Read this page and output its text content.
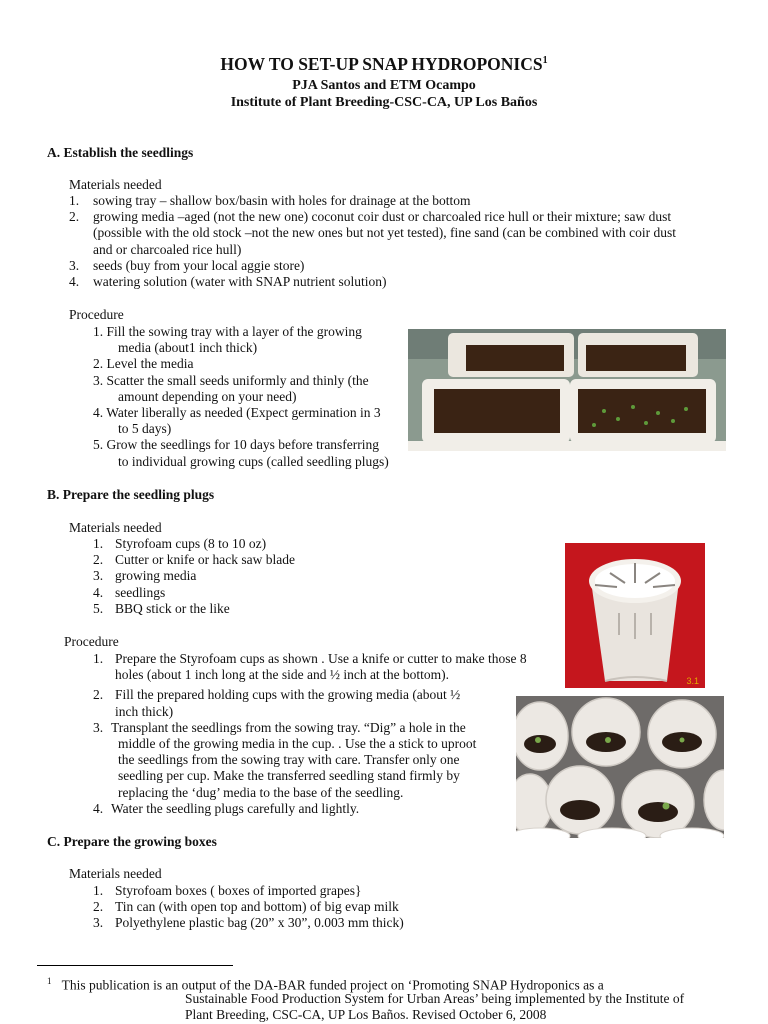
HOW TO SET-UP SNAP HYDROPONICS$^1$
PJA Santos and ETM Ocampo
Institute of Plant Breeding-CSC-CA, UP Los Baños
A. Establish the seedlings
Materials needed
1. sowing tray – shallow box/basin with holes for drainage at the bottom
2. growing media –aged (not the new one) coconut coir dust or charcoaled rice hull or their mixture; saw dust
(possible with the old stock –not the new ones but not yet tested), fine sand (can be combined with coir dust
and or charcoaled rice hull)
3. seeds (buy from your local aggie store)
4. watering solution (water with SNAP nutrient solution)
Procedure
1. Fill the sowing tray with a layer of the growing
media (about1 inch thick)
2. Level the media
3. Scatter the small seeds uniformly and thinly (the
amount depending on your need)
4. Water liberally as needed (Expect germination in 3
to 5 days)
5. Grow the seedlings for 10 days before transferring
to individual growing cups (called seedling plugs)
B. Prepare the seedling plugs
Materials needed
1. Styrofoam cups (8 to 10 oz)
2. Cutter or knife or hack saw blade
3. growing media
4. seedlings
5. BBQ stick or the like
Procedure
1. Prepare the Styrofoam cups as shown . Use a knife or cutter to make those 8
holes (about 1 inch long at the side and ½ inch at the bottom).
2. Fill the prepared holding cups with the growing media (about ½
inch thick)
3. Transplant the seedlings from the sowing tray. “Dig” a hole in the
middle of the growing media in the cup. . Use the a stick to uproot
the seedlings from the sowing tray with care. Transfer only one
seedling per cup. Make the transferred seedling stand firmly by
replacing the ‘dug’ media to the base of the seedling.
4. Water the seedling plugs carefully and lightly.
3.1
C. Prepare the growing boxes
Materials needed
1. Styrofoam boxes ( boxes of imported grapes}
2. Tin can (with open top and bottom) of big evap milk
3. Polyethylene plastic bag (20” x 30”, 0.003 mm thick)
$^1$ This publication is an output of the DA-BAR funded project on ‘Promoting SNAP Hydroponics as a
Sustainable Food Production System for Urban Areas’ being implemented by the Institute of
Plant Breeding, CSC-CA, UP Los Baños. Revised October 6, 2008
